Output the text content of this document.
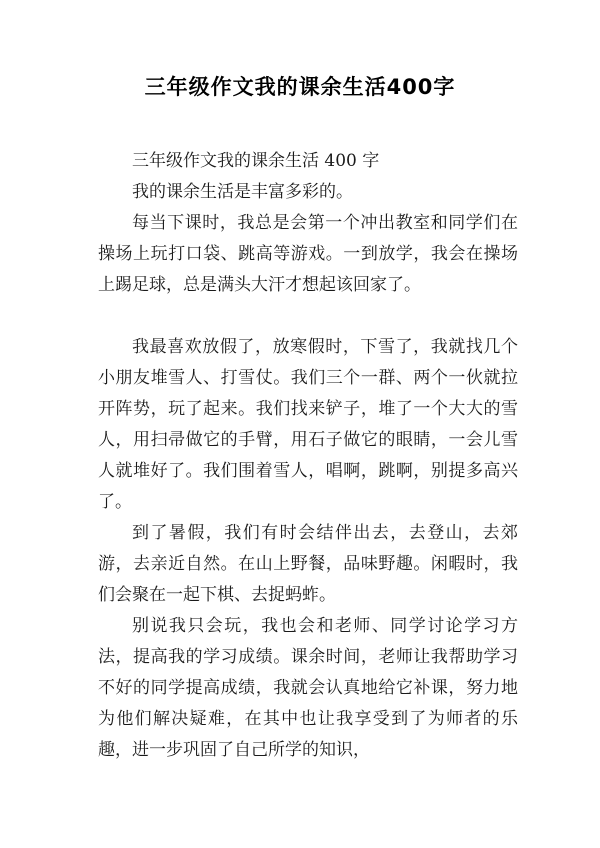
三年级作文我的课余生活400字

三年级作文我的课余生活 400 字

我的课余生活是丰富多彩的。

每当下课时，我总是会第一个冲出教室和同学们在操场上玩打口袋、跳高等游戏。一到放学，我会在操场上踢足球，总是满头大汗才想起该回家了。

我最喜欢放假了，放寒假时，下雪了，我就找几个小朋友堆雪人、打雪仗。我们三个一群、两个一伙就拉开阵势，玩了起来。我们找来铲子，堆了一个大大的雪人，用扫帚做它的手臂，用石子做它的眼睛，一会儿雪人就堆好了。我们围着雪人，唱啊，跳啊，别提多高兴了。

到了暑假，我们有时会结伴出去，去登山，去郊游，去亲近自然。在山上野餐，品味野趣。闲暇时，我们会聚在一起下棋、去捉蚂蚱。

别说我只会玩，我也会和老师、同学讨论学习方法，提高我的学习成绩。课余时间，老师让我帮助学习不好的同学提高成绩，我就会认真地给它补课，努力地为他们解决疑难，在其中也让我享受到了为师者的乐趣，进一步巩固了自己所学的知识，
